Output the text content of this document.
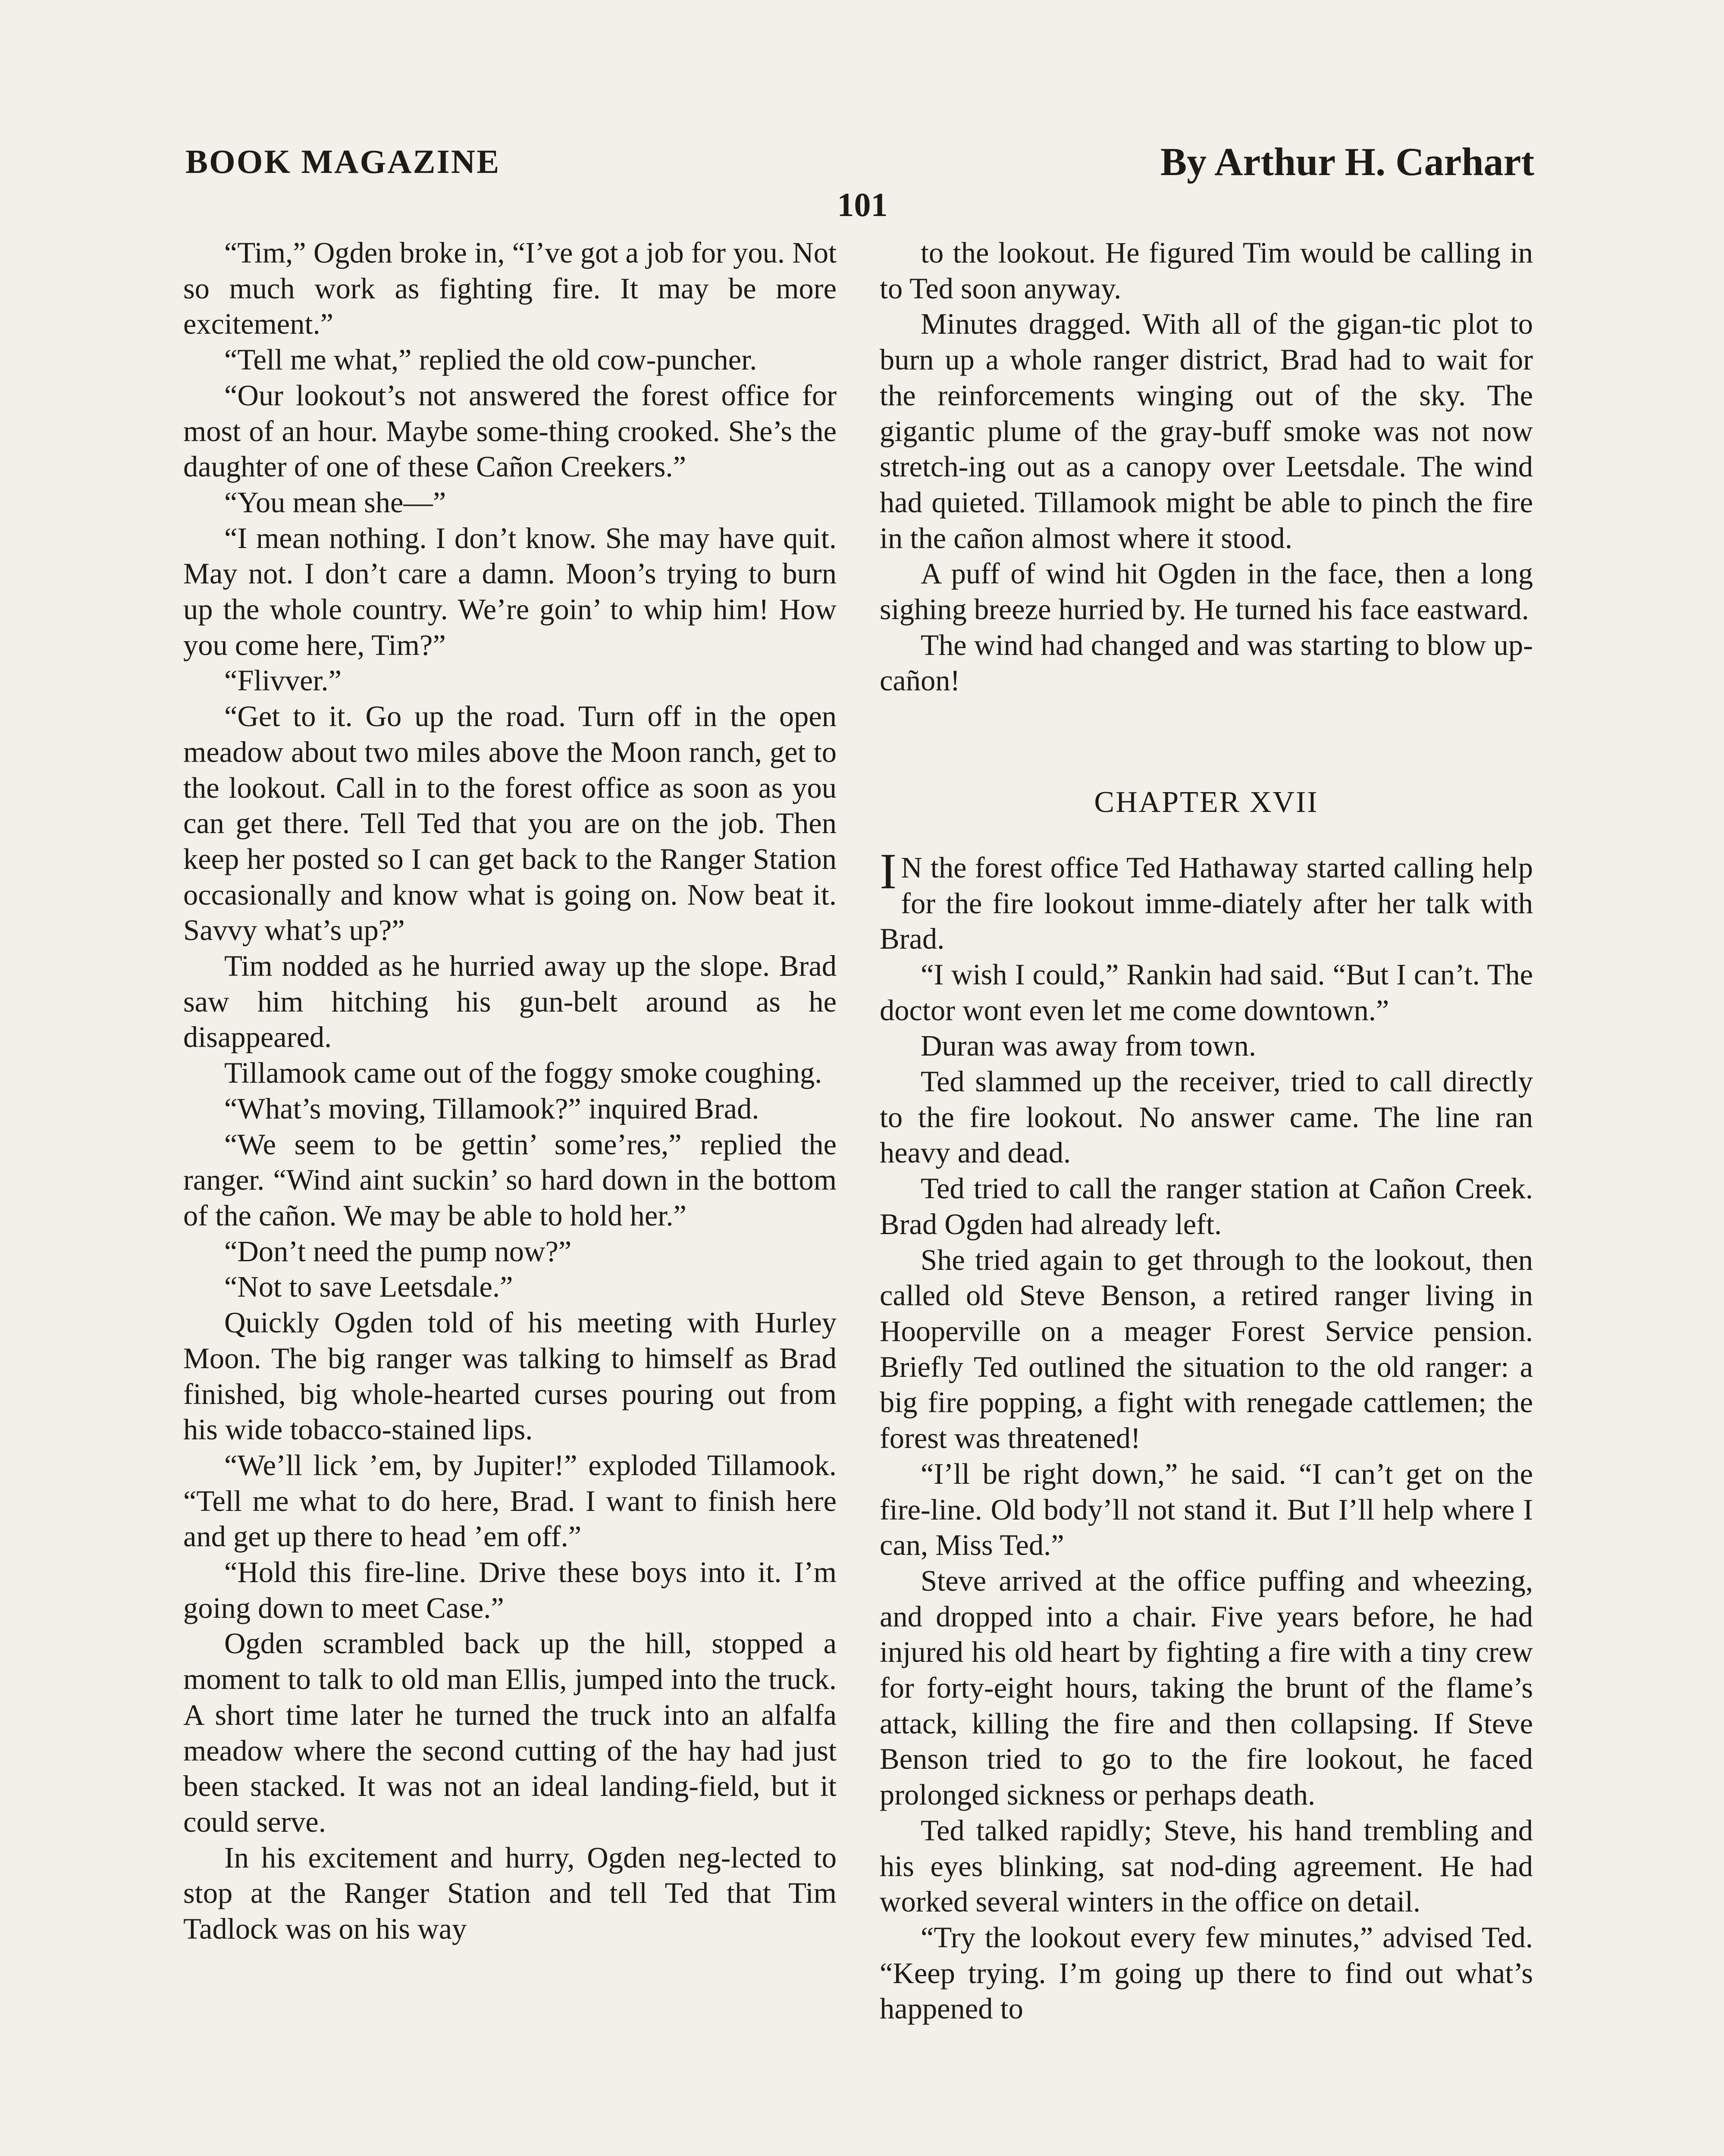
BOOK MAGAZINE	By Arthur H. Carhart
101

“Tim,” Ogden broke in, “I’ve got a job for you. Not so much work as fighting fire. It may be more excitement.”

“Tell me what,” replied the old cow-puncher.

“Our lookout’s not answered the forest office for most of an hour. Maybe some-thing crooked. She’s the daughter of one of these Cañon Creekers.”

“You mean she—”

“I mean nothing. I don’t know. She may have quit. May not. I don’t care a damn. Moon’s trying to burn up the whole country. We’re goin’ to whip him! How you come here, Tim?”

“Flivver.”

“Get to it. Go up the road. Turn off in the open meadow about two miles above the Moon ranch, get to the lookout. Call in to the forest office as soon as you can get there. Tell Ted that you are on the job. Then keep her posted so I can get back to the Ranger Station occasionally and know what is going on. Now beat it. Savvy what’s up?”

Tim nodded as he hurried away up the slope. Brad saw him hitching his gun-belt around as he disappeared.

Tillamook came out of the foggy smoke coughing.

“What’s moving, Tillamook?” inquired Brad.

“We seem to be gettin’ some’res,” replied the ranger. “Wind aint suckin’ so hard down in the bottom of the cañon. We may be able to hold her.”

“Don’t need the pump now?”

“Not to save Leetsdale.”

Quickly Ogden told of his meeting with Hurley Moon. The big ranger was talking to himself as Brad finished, big whole-hearted curses pouring out from his wide tobacco-stained lips.

“We’ll lick ’em, by Jupiter!” exploded Tillamook. “Tell me what to do here, Brad. I want to finish here and get up there to head ’em off.”

“Hold this fire-line. Drive these boys into it. I’m going down to meet Case.”

Ogden scrambled back up the hill, stopped a moment to talk to old man Ellis, jumped into the truck. A short time later he turned the truck into an alfalfa meadow where the second cutting of the hay had just been stacked. It was not an ideal landing-field, but it could serve.

In his excitement and hurry, Ogden neg-lected to stop at the Ranger Station and tell Ted that Tim Tadlock was on his way

to the lookout. He figured Tim would be calling in to Ted soon anyway.

Minutes dragged. With all of the gigan-tic plot to burn up a whole ranger district, Brad had to wait for the reinforcements winging out of the sky. The gigantic plume of the gray-buff smoke was not now stretch-ing out as a canopy over Leetsdale. The wind had quieted. Tillamook might be able to pinch the fire in the cañon almost where it stood.

A puff of wind hit Ogden in the face, then a long sighing breeze hurried by. He turned his face eastward.

The wind had changed and was starting to blow up-cañon!

CHAPTER XVII

I N the forest office Ted Hathaway started calling help for the fire lookout imme-diately after her talk with Brad.

“I wish I could,” Rankin had said. “But I can’t. The doctor wont even let me come downtown.”

Duran was away from town.

Ted slammed up the receiver, tried to call directly to the fire lookout. No answer came. The line ran heavy and dead.

Ted tried to call the ranger station at Cañon Creek. Brad Ogden had already left.

She tried again to get through to the lookout, then called old Steve Benson, a retired ranger living in Hooperville on a meager Forest Service pension. Briefly Ted outlined the situation to the old ranger: a big fire popping, a fight with renegade cattlemen; the forest was threatened!

“I’ll be right down,” he said. “I can’t get on the fire-line. Old body’ll not stand it. But I’ll help where I can, Miss Ted.”

Steve arrived at the office puffing and wheezing, and dropped into a chair. Five years before, he had injured his old heart by fighting a fire with a tiny crew for forty-eight hours, taking the brunt of the flame’s attack, killing the fire and then collapsing. If Steve Benson tried to go to the fire lookout, he faced prolonged sickness or perhaps death.

Ted talked rapidly; Steve, his hand trembling and his eyes blinking, sat nod-ding agreement. He had worked several winters in the office on detail.

“Try the lookout every few minutes,” advised Ted. “Keep trying. I’m going up there to find out what’s happened to
